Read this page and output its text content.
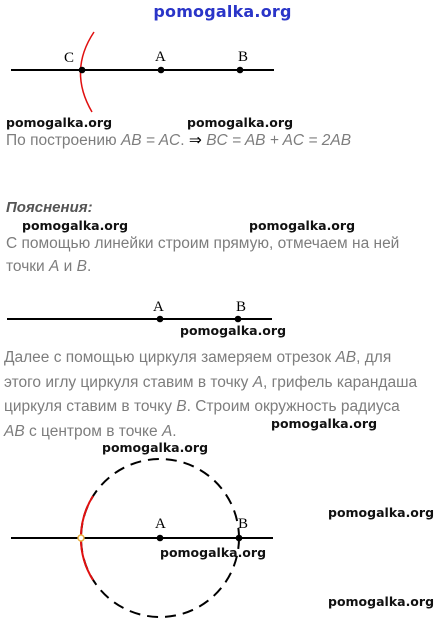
pomogalka.org
C	A	B
pomogalka.org	pomogalka.org
По построению AB = AC. ⇒ BC = AB + AC = 2AB
Пояснения:
pomogalka.org	pomogalka.org
С помощью линейки строим прямую, отмечаем на ней
точки A и B.
A	B
pomogalka.org
Далее с помощью циркуля замеряем отрезок AB, для
этого иглу циркуля ставим в точку A, грифель карандаша
циркуля ставим в точку B. Строим окружность радиуса
AB с центром в точке A.	pomogalka.org
pomogalka.org
A	B
pomogalka.org
pomogalka.org
pomogalka.org
